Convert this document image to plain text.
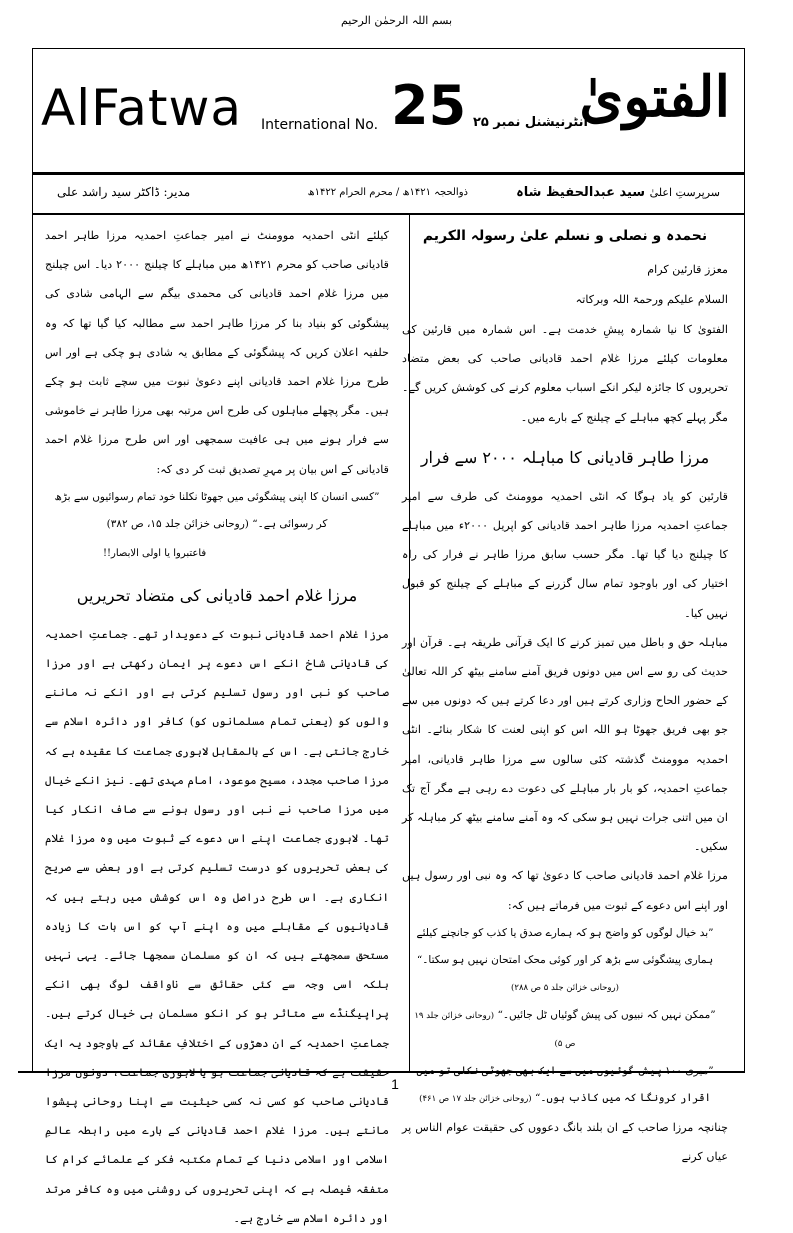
بسم اللہ الرحمٰن الرحیم
AlFatwa International No. 25 انٹرنیشنل نمبر ۲۵
الفتویٰ
سرپرستِ اعلیٰ سید عبدالحفیظ شاہ
ذوالحجہ ۱۴۲۱ھ / محرم الحرام ۱۴۲۲ھ
مدیر: ڈاکٹر سید راشد علی

نحمدہ و نصلی و نسلم علیٰ رسولہ الکریم

معزز قارئین کرام

السلام علیکم ورحمۃ اللہ وبرکاتہ

الفتویٰ کا نیا شمارہ پیشِ خدمت ہے۔ اس شمارہ میں قارئین کی معلومات کیلئے مرزا غلام احمد قادیانی صاحب کی بعض متضاد تحریروں کا جائزہ لیکر انکے اسباب معلوم کرنے کی کوشش کریں گے۔ مگر پہلے کچھ مباہلے کے چیلنج کے بارے میں۔

مرزا طاہر قادیانی کا مباہلہ ۲۰۰۰ سے فرار

قارئین کو یاد ہوگا کہ انٹی احمدیہ موومنٹ کی طرف سے امیر جماعتِ احمدیہ مرزا طاہر احمد قادیانی کو اپریل ۲۰۰۰ء میں مباہلے کا چیلنج دیا گیا تھا۔ مگر حسب سابق مرزا طاہر نے فرار کی راہ اختیار کی اور باوجود تمام سال گزرنے کے مباہلے کے چیلنج کو قبول نہیں کیا۔

مباہلہ حق و باطل میں تمیز کرنے کا ایک قرآنی طریقہ ہے۔ قرآن اور حدیث کی رو سے اس میں دونوں فریق آمنے سامنے بیٹھ کر اللہ تعالیٰ کے حضور الحاح وزاری کرتے ہیں اور دعا کرتے ہیں کہ دونوں میں سے جو بھی فریق جھوٹا ہو اللہ اس کو اپنی لعنت کا شکار بنائے۔ انٹی احمدیہ موومنٹ گذشتہ کئی سالوں سے مرزا طاہر قادیانی، امیر جماعتِ احمدیہ، کو بار بار مباہلے کی دعوت دے رہی ہے مگر آج تک ان میں اتنی جرات نہیں ہو سکی کہ وہ آمنے سامنے بیٹھ کر مباہلہ کر سکیں۔

مرزا غلام احمد قادیانی صاحب کا دعویٰ تھا کہ وہ نبی اور رسول ہیں اور اپنے اس دعوے کے ثبوت میں فرماتے ہیں کہ:

”بد خیال لوگوں کو واضح ہو کہ ہمارے صدق یا کذب کو جانچنے کیلئے ہماری پیشگوئی سے بڑھ کر اور کوئی محک امتحان نہیں ہو سکتا۔“ (روحانی خزائن جلد ۵ ص ۲۸۸)

”ممکن نہیں کہ نبیوں کی پیش گوئیاں ٹل جائیں۔“ (روحانی خزائن جلد ۱۹ ص ۵)

اقرار کرونگا کہ میں کاذب ہوں۔“ (روحانی خزائن جلد ۱۷ ص ۴۶۱)

چنانچہ مرزا صاحب کے ان بلند بانگ دعووں کی حقیقت عوام الناس پر عیاں کرنے

کیلئے انٹی احمدیہ موومنٹ نے امیر جماعتِ احمدیہ مرزا طاہر احمد قادیانی صاحب کو محرم ۱۴۲۱ھ میں مباہلے کا چیلنج ۲۰۰۰ دیا۔ اس چیلنج میں مرزا غلام احمد قادیانی کی محمدی بیگم سے الہامی شادی کی پیشگوئی کو بنیاد بنا کر مرزا طاہر احمد سے مطالبہ کیا گیا تھا کہ وہ حلفیہ اعلان کریں کہ پیشگوئی کے مطابق یہ شادی ہو چکی ہے اور اس طرح مرزا غلام احمد قادیانی اپنے دعویٰ نبوت میں سچے ثابت ہو چکے ہیں۔ مگر پچھلے مباہلوں کی طرح اس مرتبہ بھی مرزا طاہر نے خاموشی سے فرار ہونے میں ہی عافیت سمجھی اور اس طرح مرزا غلام احمد قادیانی کے اس بیان پر مہرِ تصدیق ثبت کر دی کہ:

”کسی انسان کا اپنی پیشگوئی میں جھوٹا نکلنا خود تمام رسوائیوں سے بڑھ کر رسوائی ہے۔“ (روحانی خزائن جلد ۱۵، ص ۳۸۲)

فاعتبروا یا اولی الابصار!!

مرزا غلام احمد قادیانی کی متضاد تحریریں

مرزا غلام احمد قادیانی نبوت کے دعویدار تھے۔ جماعتِ احمدیہ کی قادیانی شاخ انکے اس دعوے پر ایمان رکھتی ہے اور مرزا صاحب کو نبی اور رسول تسلیم کرتی ہے اور انکے نہ ماننے والوں کو (یعنی تمام مسلمانوں کو) کافر اور دائرہ اسلام سے خارج جانتی ہے۔ اس کے بالمقابل لاہوری جماعت کا عقیدہ ہے کہ مرزا صاحب مجدد، مسیح موعود، امام مہدی تھے۔ نیز انکے خیال میں مرزا صاحب نے نبی اور رسول ہونے سے صاف انکار کیا تھا۔ لاہوری جماعت اپنے اس دعوے کے ثبوت میں وہ مرزا غلام کی بعض تحریروں کو درست تسلیم کرتی ہے اور بعض سے صریح انکاری ہے۔ اس طرح دراصل وہ اس کوشش میں رہتے ہیں کہ قادیانیوں کے مقابلے میں وہ اپنے آپ کو اس بات کا زیادہ مستحق سمجھتے ہیں کہ ان کو مسلمان سمجھا جائے۔ یہی نہیں بلکہ اسی وجہ سے کئی حقائق سے ناواقف لوگ بھی انکے پراپیگنڈے سے متاثر ہو کر انکو مسلمان ہی خیال کرتے ہیں۔ جماعتِ احمدیہ کے ان دھڑوں کے اختلافِ عقائد کے باوجود یہ ایک قادیانی صاحب کو کسی نہ کسی حیثیت سے اپنا روحانی پیشوا مانتے ہیں۔ مرزا غلام احمد قادیانی کے بارے میں رابطہ عالمِ اسلامی اور اسلامی دنیا کے تمام مکتبہ فکر کے علمائے کرام کا متفقہ فیصلہ ہے کہ اپنی تحریروں کی روشنی میں وہ کافر مرتد اور دائرہ اسلام سے خارج ہے۔

1
